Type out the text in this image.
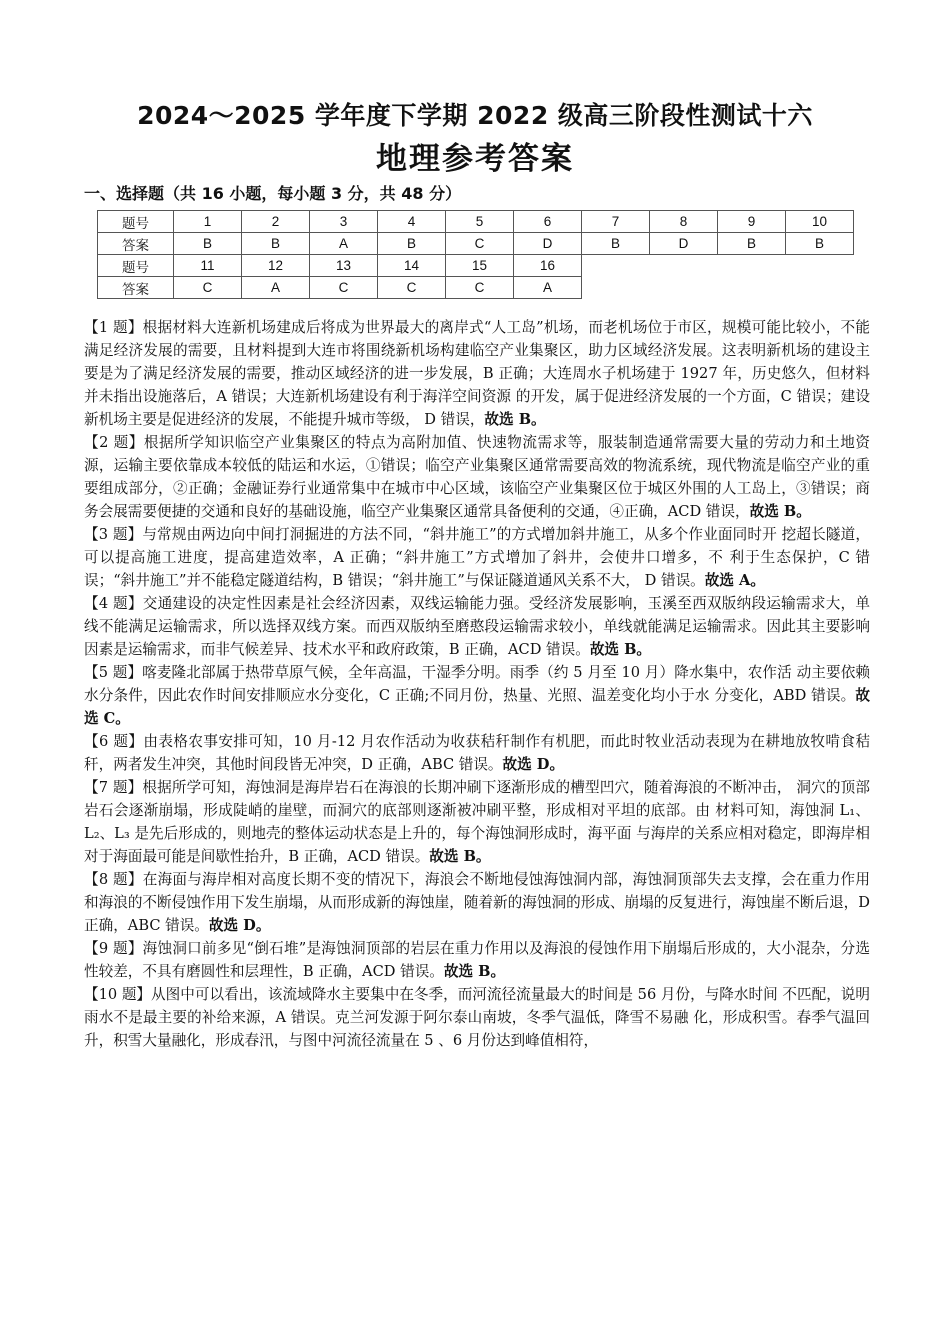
2024～2025 学年度下学期 2022 级高三阶段性测试十六
地理参考答案
一、选择题（共 16 小题，每小题 3 分，共 48 分）
题号	1	2	3	4	5	6	7	8	9	10
答案	B	B	A	B	C	D	B	D	B	B
题号	11	12	13	14	15	16				
答案	C	A	C	C	C	A				

【1 题】根据材料大连新机场建成后将成为世界最大的离岸式“人工岛”机场，而老机场位于市区，规模可能比较小，不能满足经济发展的需要，且材料提到大连市将围绕新机场构建临空产业集聚区，助力区域经济发展。这表明新机场的建设主要是为了满足经济发展的需要，推动区域经济的进一步发展，B 正确；大连周水子机场建于 1927 年，历史悠久，但材料并未指出设施落后，A 错误；大连新机场建设有利于海洋空间资源 的开发，属于促进经济发展的一个方面，C 错误；建设新机场主要是促进经济的发展，不能提升城市等级， D 错误，故选 B。

【2 题】根据所学知识临空产业集聚区的特点为高附加值、快速物流需求等，服装制造通常需要大量的劳动力和土地资源，运输主要依靠成本较低的陆运和水运，①错误；临空产业集聚区通常需要高效的物流系统，现代物流是临空产业的重要组成部分，②正确；金融证券行业通常集中在城市中心区域，该临空产业集聚区位于城区外围的人工岛上，③错误；商务会展需要便捷的交通和良好的基础设施，临空产业集聚区通常具备便利的交通，④正确，ACD 错误，故选 B。

【3 题】与常规由两边向中间打洞掘进的方法不同，“斜井施工”的方式增加斜井施工，从多个作业面同时开 挖超长隧道，可以提高施工进度，提高建造效率，A 正确；“斜井施工”方式增加了斜井，会使井口增多，不 利于生态保护，C 错误；“斜井施工”并不能稳定隧道结构，B 错误；“斜井施工”与保证隧道通风关系不大， D 错误。故选 A。

【4 题】交通建设的决定性因素是社会经济因素，双线运输能力强。受经济发展影响，玉溪至西双版纳段运输需求大，单线不能满足运输需求，所以选择双线方案。而西双版纳至磨憨段运输需求较小，单线就能满足运输需求。因此其主要影响因素是运输需求，而非气候差异、技术水平和政府政策，B 正确，ACD 错误。故选 B。

【5 题】喀麦隆北部属于热带草原气候，全年高温，干湿季分明。雨季（约 5 月至 10 月）降水集中，农作活 动主要依赖水分条件，因此农作时间安排顺应水分变化，C 正确;不同月份，热量、光照、温差变化均小于水 分变化，ABD 错误。故选 C。

【6 题】由表格农事安排可知，10 月-12 月农作活动为收获秸秆制作有机肥，而此时牧业活动表现为在耕地放牧啃食秸秆，两者发生冲突，其他时间段皆无冲突，D 正确，ABC 错误。故选 D。

【7 题】根据所学可知，海蚀洞是海岸岩石在海浪的长期冲刷下逐渐形成的槽型凹穴，随着海浪的不断冲击， 洞穴的顶部岩石会逐渐崩塌，形成陡峭的崖壁，而洞穴的底部则逐渐被冲刷平整，形成相对平坦的底部。由 材料可知，海蚀洞 L₁、L₂、L₃ 是先后形成的，则地壳的整体运动状态是上升的，每个海蚀洞形成时，海平面 与海岸的关系应相对稳定，即海岸相对于海面最可能是间歇性抬升，B 正确，ACD 错误。故选 B。

【8 题】在海面与海岸相对高度长期不变的情况下，海浪会不断地侵蚀海蚀洞内部，海蚀洞顶部失去支撑，会在重力作用和海浪的不断侵蚀作用下发生崩塌，从而形成新的海蚀崖，随着新的海蚀洞的形成、崩塌的反复进行，海蚀崖不断后退，D 正确，ABC 错误。故选 D。

【9 题】海蚀洞口前多见“倒石堆”是海蚀洞顶部的岩层在重力作用以及海浪的侵蚀作用下崩塌后形成的，大小混杂，分选性较差，不具有磨圆性和层理性，B 正确，ACD 错误。故选 B。

【10 题】从图中可以看出，该流域降水主要集中在冬季，而河流径流量最大的时间是 56 月份，与降水时间 不匹配，说明雨水不是最主要的补给来源，A 错误。克兰河发源于阿尔泰山南坡，冬季气温低，降雪不易融 化，形成积雪。春季气温回升，积雪大量融化，形成春汛，与图中河流径流量在 5 、6 月份达到峰值相符，
